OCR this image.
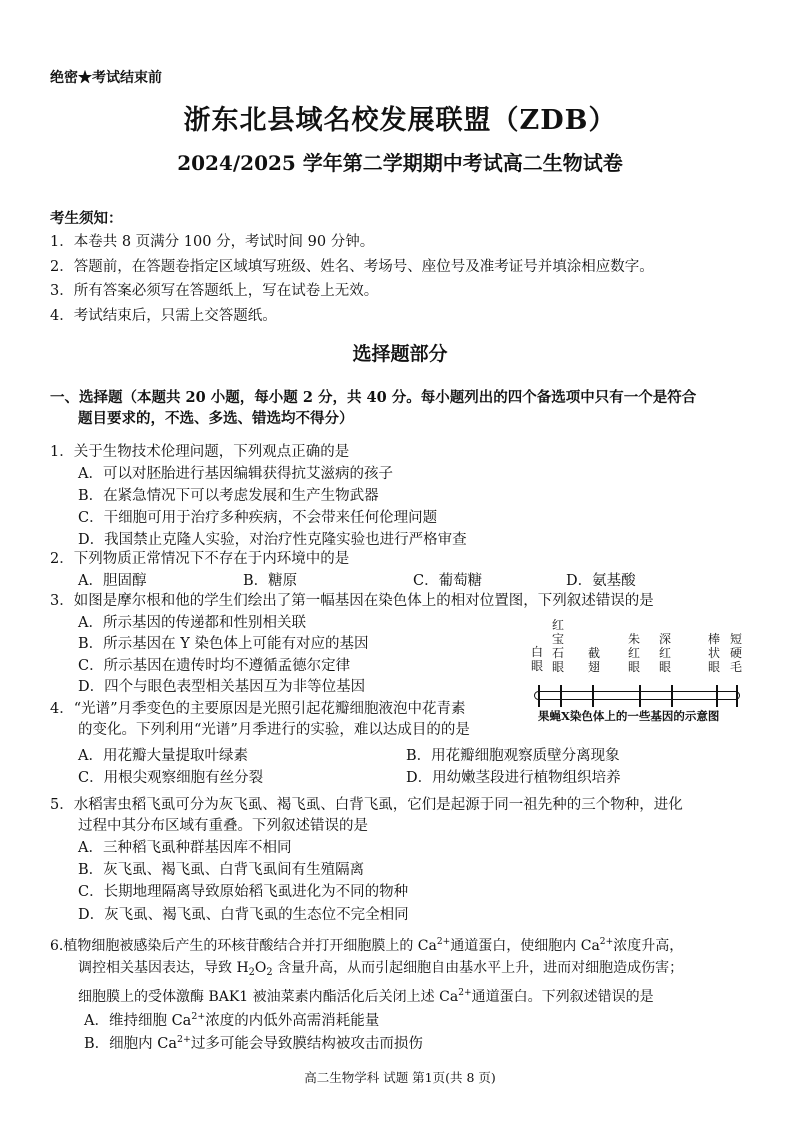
绝密★考试结束前
浙东北县域名校发展联盟（ZDB）
2024/2025 学年第二学期期中考试高二生物试卷
考生须知：
1．本卷共 8 页满分 100 分，考试时间 90 分钟。
2．答题前，在答题卷指定区域填写班级、姓名、考场号、座位号及准考证号并填涂相应数字。
3．所有答案必须写在答题纸上，写在试卷上无效。
4．考试结束后，只需上交答题纸。
选择题部分
一、选择题（本题共 20 小题，每小题 2 分，共 40 分。每小题列出的四个备选项中只有一个是符合
题目要求的，不选、多选、错选均不得分）
1．关于生物技术伦理问题，下列观点正确的是
A．可以对胚胎进行基因编辑获得抗艾滋病的孩子
B．在紧急情况下可以考虑发展和生产生物武器
C．干细胞可用于治疗多种疾病，不会带来任何伦理问题
D．我国禁止克隆人实验，对治疗性克隆实验也进行严格审查
2．下列物质正常情况下不存在于内环境中的是
A．胆固醇	B．糖原	C．葡萄糖	D．氨基酸
3．如图是摩尔根和他的学生们绘出了第一幅基因在染色体上的相对位置图，下列叙述错误的是
A．所示基因的传递都和性别相关联
B．所示基因在 Y 染色体上可能有对应的基因
C．所示基因在遗传时均不遵循孟德尔定律
D．四个与眼色表型相关基因互为非等位基因
白眼
红宝石眼
截翅
朱红眼
深红眼
棒状眼
短硬毛
果蝇X染色体上的一些基因的示意图
4．“光谱”月季变色的主要原因是光照引起花瓣细胞液泡中花青素
的变化。下列利用“光谱”月季进行的实验，难以达成目的的是
A．用花瓣大量提取叶绿素	B．用花瓣细胞观察质壁分离现象
C．用根尖观察细胞有丝分裂	D．用幼嫩茎段进行植物组织培养
5．水稻害虫稻飞虱可分为灰飞虱、褐飞虱、白背飞虱，它们是起源于同一祖先种的三个物种，进化
过程中其分布区域有重叠。下列叙述错误的是
A．三种稻飞虱种群基因库不相同
B．灰飞虱、褐飞虱、白背飞虱间有生殖隔离
C．长期地理隔离导致原始稻飞虱进化为不同的物种
D．灰飞虱、褐飞虱、白背飞虱的生态位不完全相同
6.植物细胞被感染后产生的环核苷酸结合并打开细胞膜上的 $Ca^{2+}$通道蛋白，使细胞内 $Ca^{2+}$浓度升高，
调控相关基因表达，导致 $H_2O_2$ 含量升高，从而引起细胞自由基水平上升，进而对细胞造成伤害；
细胞膜上的受体激酶 BAK1 被油菜素内酯活化后关闭上述 $Ca^{2+}$通道蛋白。下列叙述错误的是
A．维持细胞 $Ca^{2+}$浓度的内低外高需消耗能量
B．细胞内 $Ca^{2+}$过多可能会导致膜结构被攻击而损伤
高二生物学科 试题 第1页(共 8 页)
